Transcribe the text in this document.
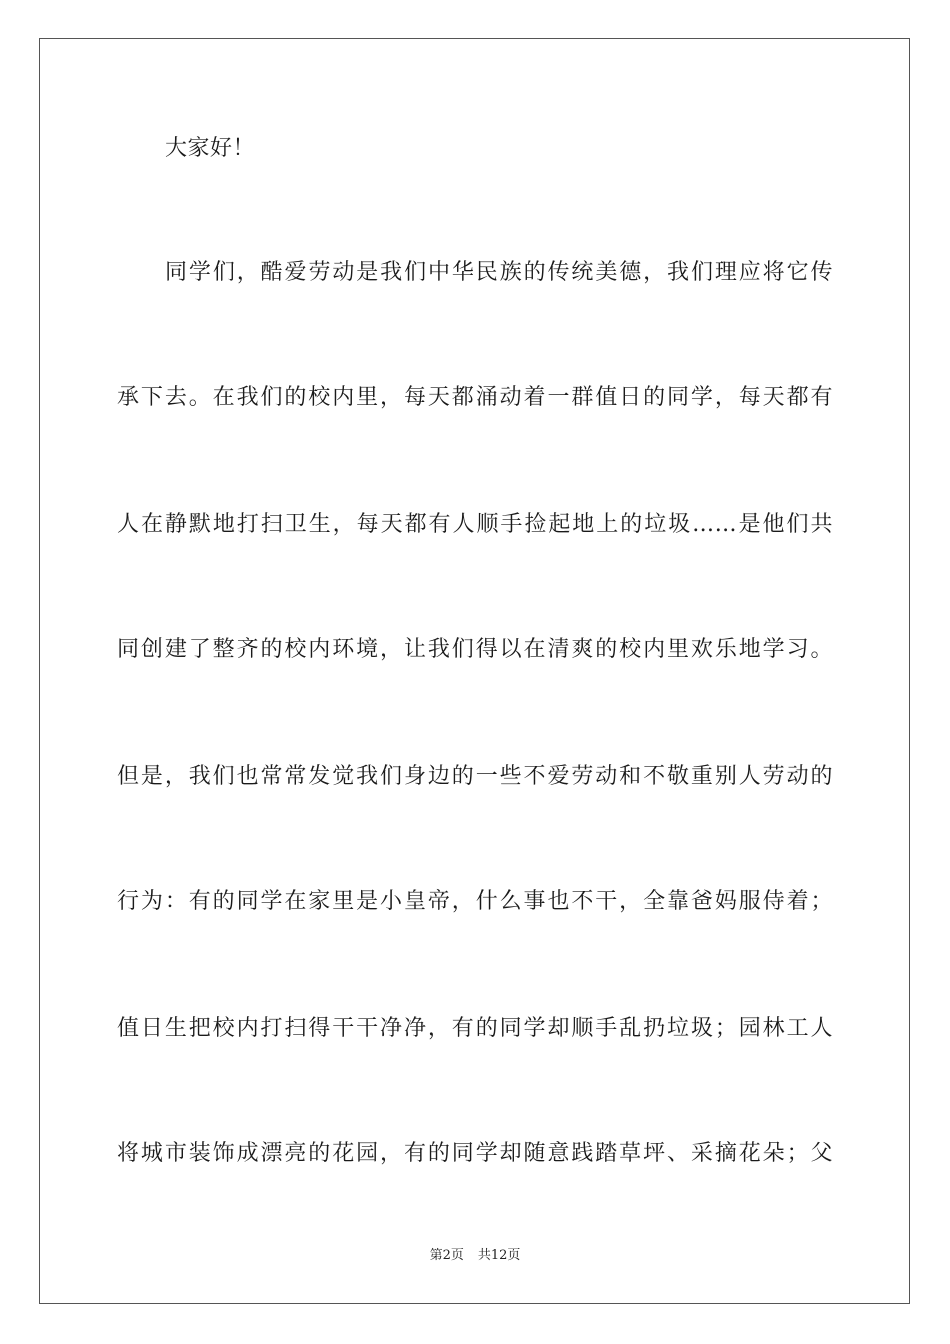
大家好！
同学们，酷爱劳动是我们中华民族的传统美德，我们理应将它传
承下去。在我们的校内里，每天都涌动着一群值日的同学，每天都有
人在静默地打扫卫生，每天都有人顺手捡起地上的垃圾……是他们共
同创建了整齐的校内环境，让我们得以在清爽的校内里欢乐地学习。
但是，我们也常常发觉我们身边的一些不爱劳动和不敬重别人劳动的
行为：有的同学在家里是小皇帝，什么事也不干，全靠爸妈服侍着；
值日生把校内打扫得干干净净，有的同学却顺手乱扔垃圾；园林工人
将城市装饰成漂亮的花园，有的同学却随意践踏草坪、采摘花朵；父
第2页 共12页
